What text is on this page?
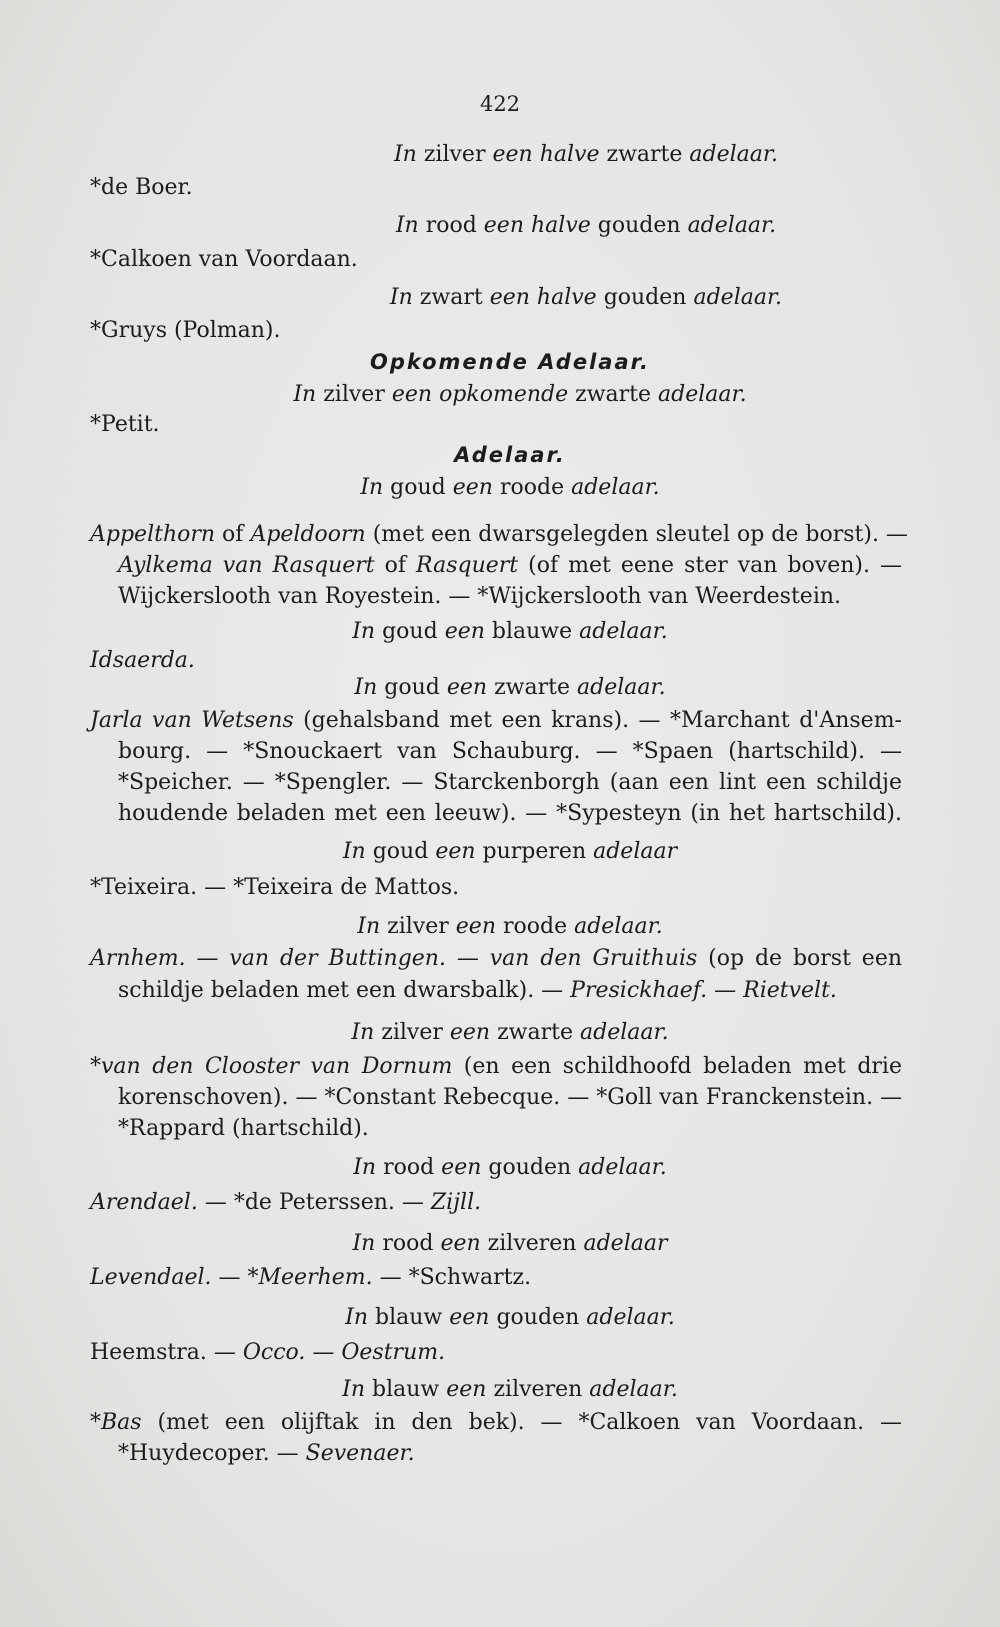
422
In zilver een halve zwarte adelaar.
*de Boer.
In rood een halve gouden adelaar.
*Calkoen van Voordaan.
In zwart een halve gouden adelaar.
*Gruys (Polman).
Opkomende Adelaar.
In zilver een opkomende zwarte adelaar.
*Petit.
Adelaar.
In goud een roode adelaar.
Appelthorn of Apeldoorn (met een dwarsgelegden sleutel op de borst). —
Aylkema van Rasquert of Rasquert (of met eene ster van boven). —
Wijckerslooth van Royestein. — *Wijckerslooth van Weerdestein.
In goud een blauwe adelaar.
Idsaerda.
In goud een zwarte adelaar.
Jarla van Wetsens (gehalsband met een krans). — *Marchant d'Ansem-
bourg. — *Snouckaert van Schauburg. — *Spaen (hartschild). —
*Speicher. — *Spengler. — Starckenborgh (aan een lint een schildje
houdende beladen met een leeuw). — *Sypesteyn (in het hartschild).
In goud een purperen adelaar
*Teixeira. — *Teixeira de Mattos.
In zilver een roode adelaar.
Arnhem. — van der Buttingen. — van den Gruithuis (op de borst een
schildje beladen met een dwarsbalk). — Presickhaef. — Rietvelt.
In zilver een zwarte adelaar.
*van den Clooster van Dornum (en een schildhoofd beladen met drie
korenschoven). — *Constant Rebecque. — *Goll van Franckenstein. —
*Rappard (hartschild).
In rood een gouden adelaar.
Arendael. — *de Peterssen. — Zijll.
In rood een zilveren adelaar
Levendael. — *Meerhem. — *Schwartz.
In blauw een gouden adelaar.
Heemstra. — Occo. — Oestrum.
In blauw een zilveren adelaar.
*Bas (met een olijftak in den bek). — *Calkoen van Voordaan. —
*Huydecoper. — Sevenaer.
